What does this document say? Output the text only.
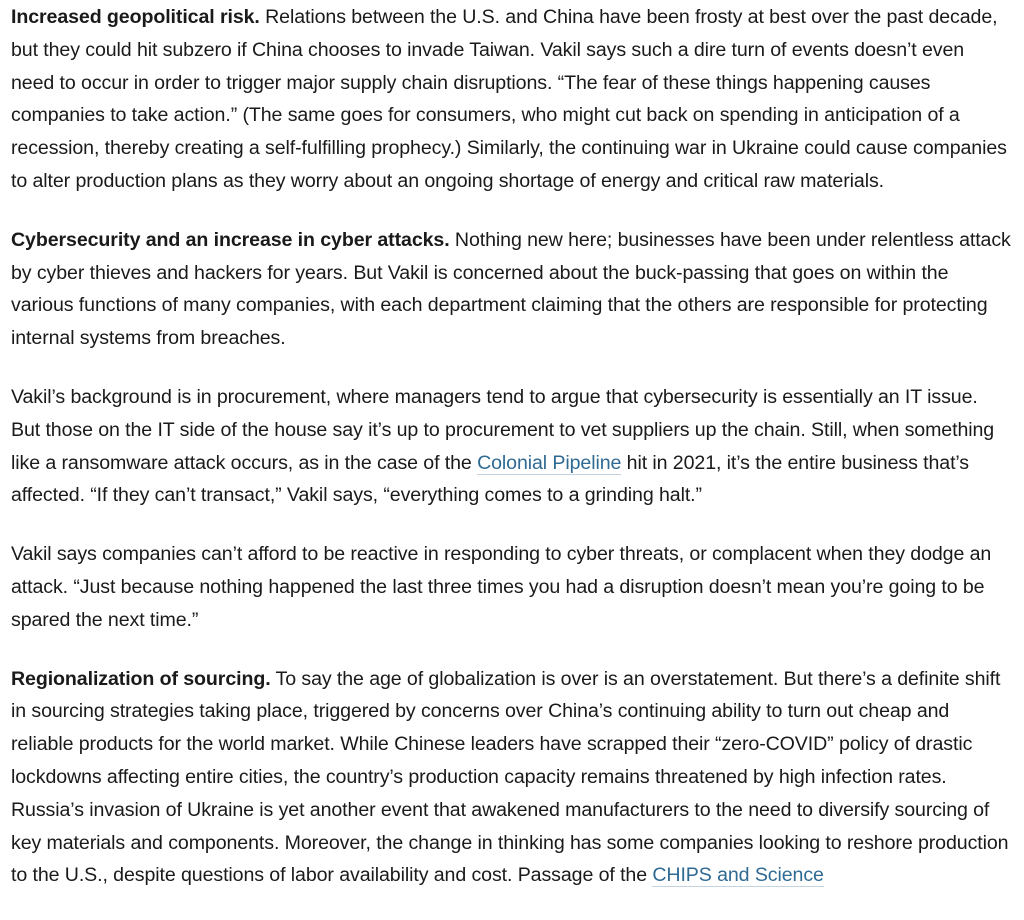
Increased geopolitical risk. Relations between the U.S. and China have been frosty at best over the past decade, but they could hit subzero if China chooses to invade Taiwan. Vakil says such a dire turn of events doesn’t even need to occur in order to trigger major supply chain disruptions. “The fear of these things happening causes companies to take action.” (The same goes for consumers, who might cut back on spending in anticipation of a recession, thereby creating a self-fulfilling prophecy.) Similarly, the continuing war in Ukraine could cause companies to alter production plans as they worry about an ongoing shortage of energy and critical raw materials.

Cybersecurity and an increase in cyber attacks. Nothing new here; businesses have been under relentless attack by cyber thieves and hackers for years. But Vakil is concerned about the buck-passing that goes on within the various functions of many companies, with each department claiming that the others are responsible for protecting internal systems from breaches.

Vakil’s background is in procurement, where managers tend to argue that cybersecurity is essentially an IT issue. But those on the IT side of the house say it’s up to procurement to vet suppliers up the chain. Still, when something like a ransomware attack occurs, as in the case of the Colonial Pipeline hit in 2021, it’s the entire business that’s affected. “If they can’t transact,” Vakil says, “everything comes to a grinding halt.”

Vakil says companies can’t afford to be reactive in responding to cyber threats, or complacent when they dodge an attack. “Just because nothing happened the last three times you had a disruption doesn’t mean you’re going to be spared the next time.”

Regionalization of sourcing. To say the age of globalization is over is an overstatement. But there’s a definite shift in sourcing strategies taking place, triggered by concerns over China’s continuing ability to turn out cheap and reliable products for the world market. While Chinese leaders have scrapped their “zero-COVID” policy of drastic lockdowns affecting entire cities, the country’s production capacity remains threatened by high infection rates. Russia’s invasion of Ukraine is yet another event that awakened manufacturers to the need to diversify sourcing of key materials and components. Moreover, the change in thinking has some companies looking to reshore production to the U.S., despite questions of labor availability and cost. Passage of the CHIPS and Science
